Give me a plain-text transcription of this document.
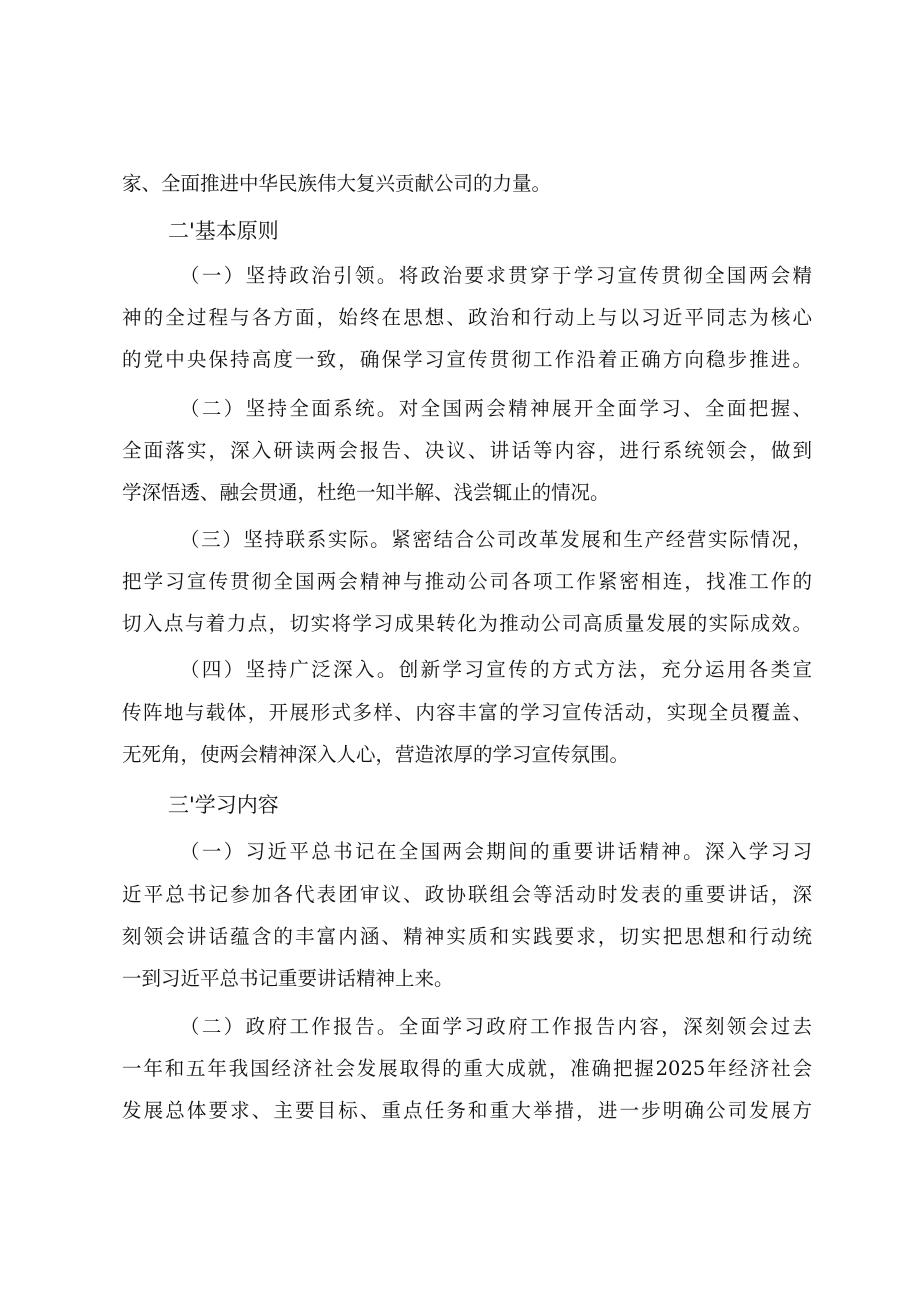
家、全面推进中华民族伟大复兴贡献公司的力量。
二'基本原则
（一）坚持政治引领。将政治要求贯穿于学习宣传贯彻全国两会精
神的全过程与各方面，始终在思想、政治和行动上与以习近平同志为核心
的党中央保持高度一致，确保学习宣传贯彻工作沿着正确方向稳步推进。
（二）坚持全面系统。对全国两会精神展开全面学习、全面把握、
全面落实，深入研读两会报告、决议、讲话等内容，进行系统领会，做到
学深悟透、融会贯通，杜绝一知半解、浅尝辄止的情况。
（三）坚持联系实际。紧密结合公司改革发展和生产经营实际情况，
把学习宣传贯彻全国两会精神与推动公司各项工作紧密相连，找准工作的
切入点与着力点，切实将学习成果转化为推动公司高质量发展的实际成效。
（四）坚持广泛深入。创新学习宣传的方式方法，充分运用各类宣
传阵地与载体，开展形式多样、内容丰富的学习宣传活动，实现全员覆盖、
无死角，使两会精神深入人心，营造浓厚的学习宣传氛围。
三'学习内容
（一）习近平总书记在全国两会期间的重要讲话精神。深入学习习
近平总书记参加各代表团审议、政协联组会等活动时发表的重要讲话，深
刻领会讲话蕴含的丰富内涵、精神实质和实践要求，切实把思想和行动统
一到习近平总书记重要讲话精神上来。
（二）政府工作报告。全面学习政府工作报告内容，深刻领会过去
一年和五年我国经济社会发展取得的重大成就，准确把握2025年经济社会
发展总体要求、主要目标、重点任务和重大举措，进一步明确公司发展方
